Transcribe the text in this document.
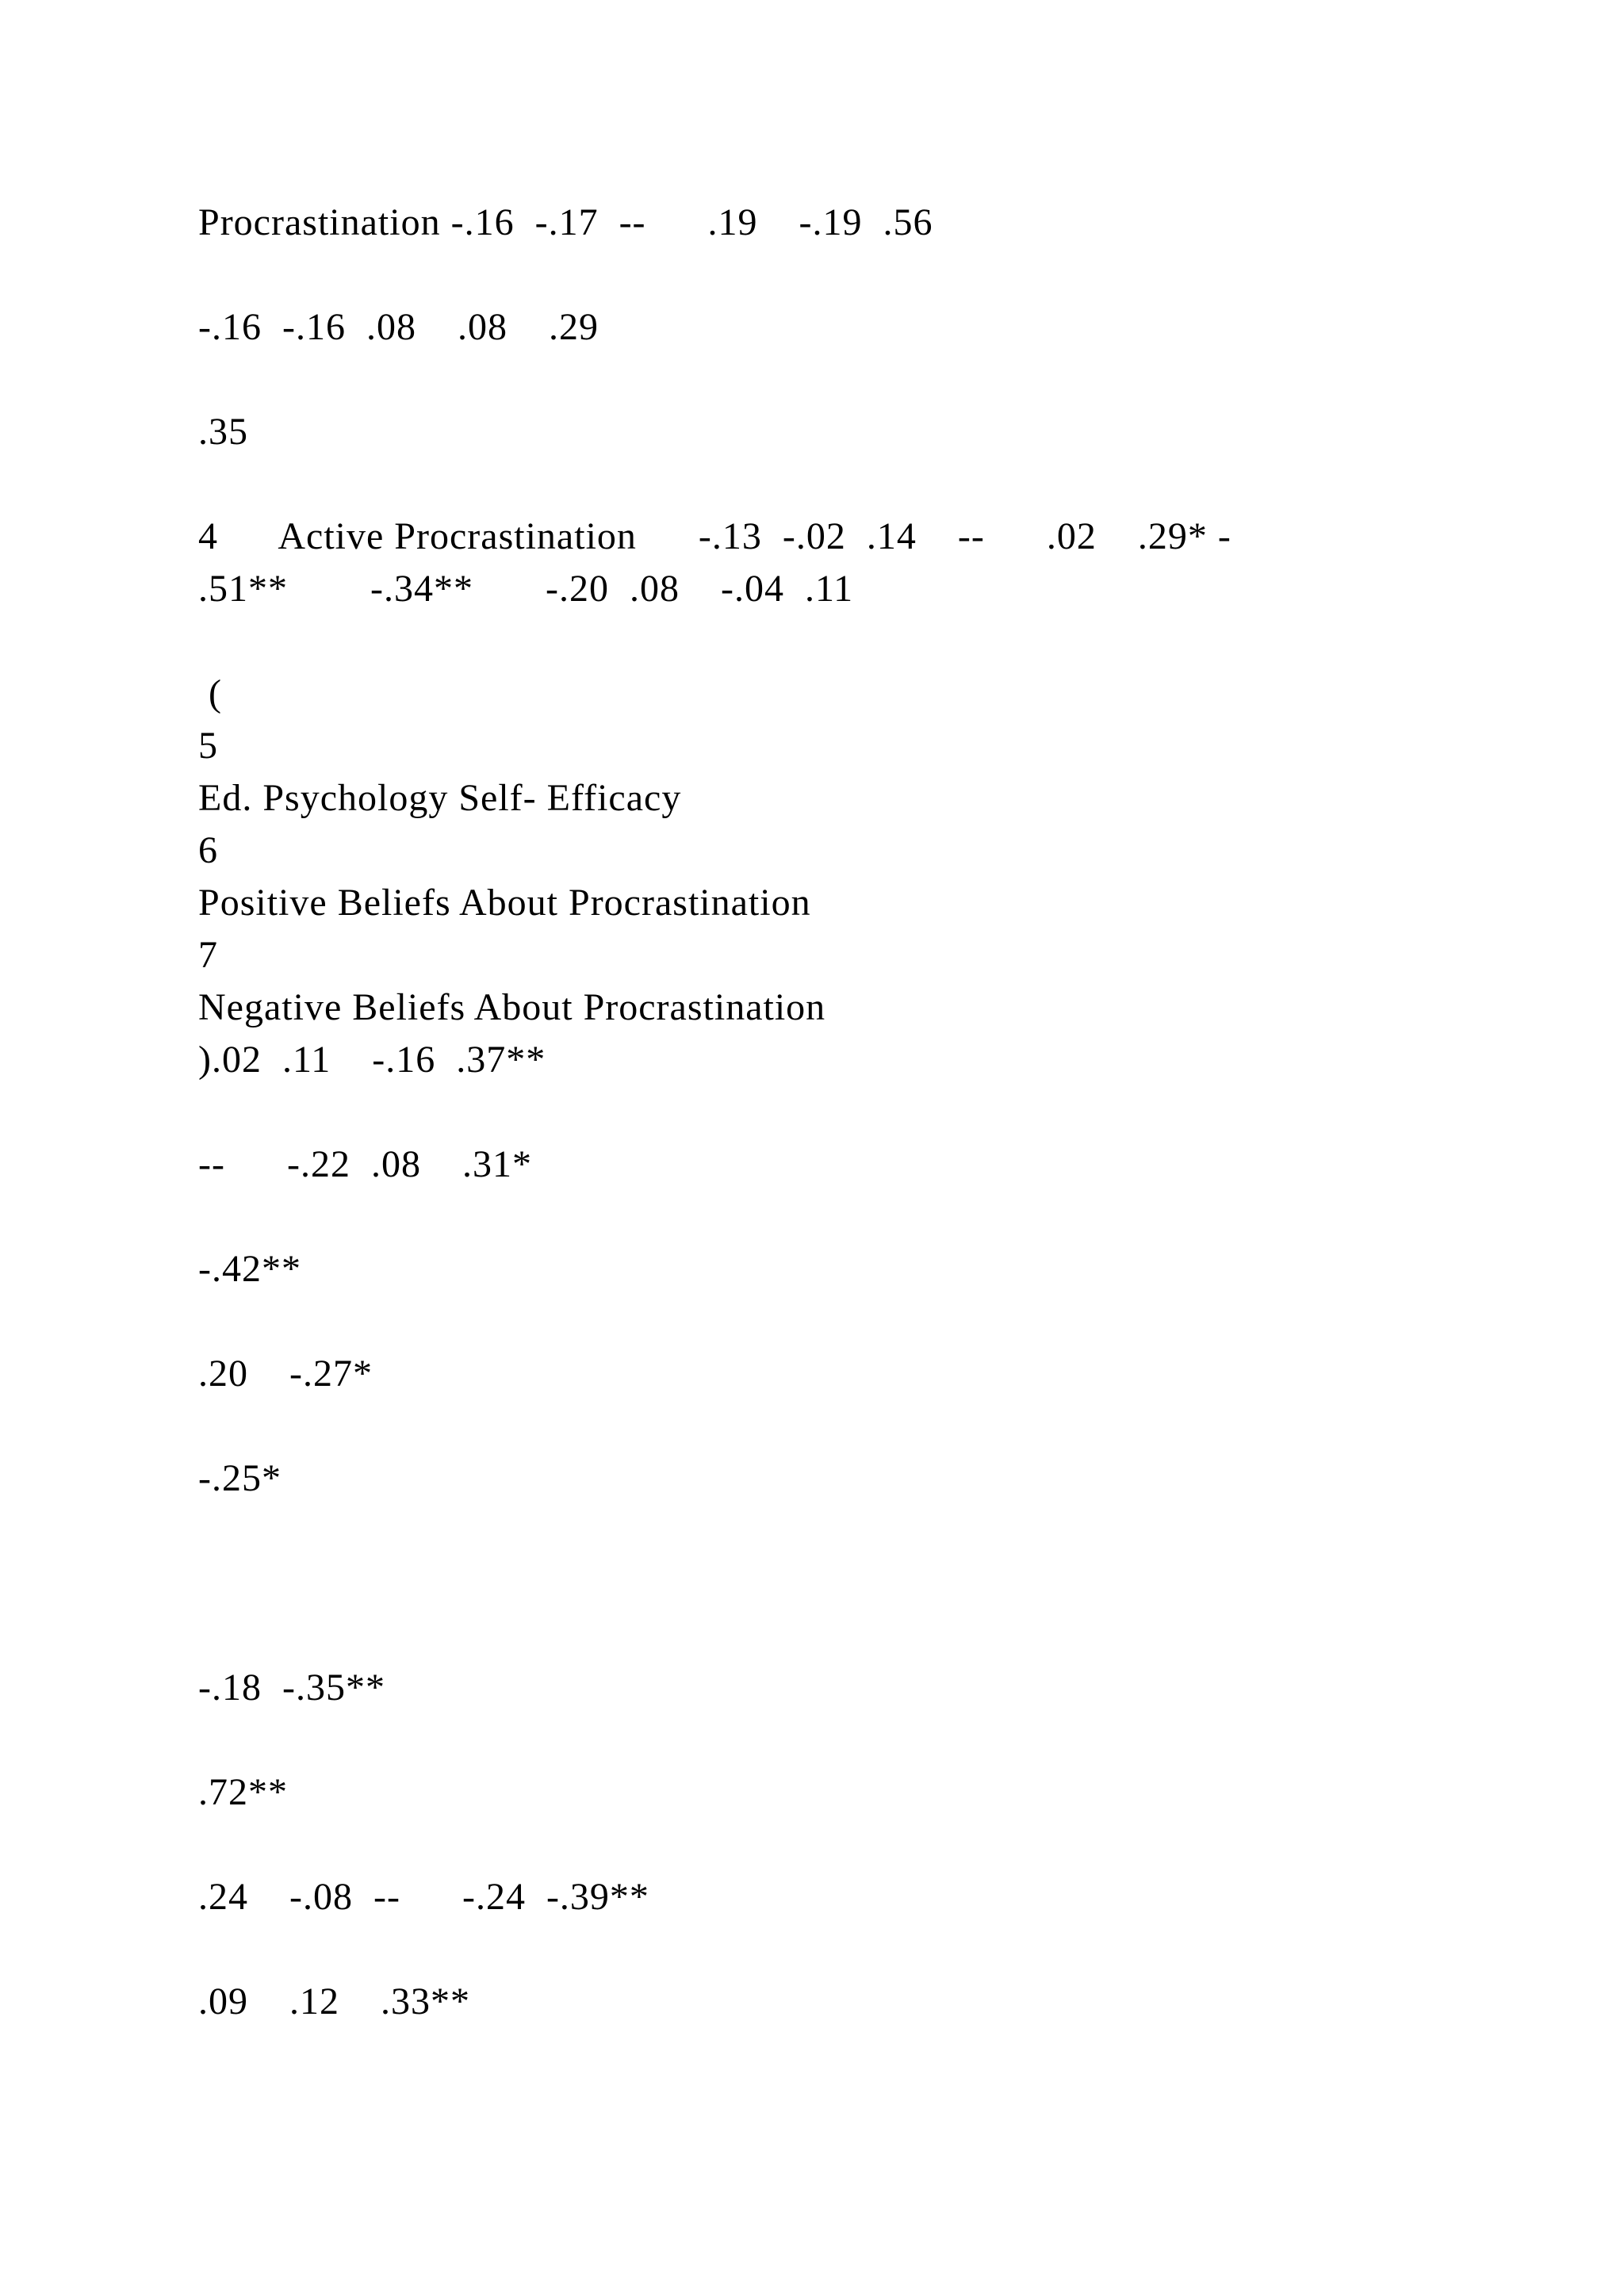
Procrastination -.16  -.17  --      .19    -.19  .56
-.16  -.16  .08    .08    .29
.35
4      Active Procrastination      -.13  -.02  .14    --      .02    .29* -
.51**        -.34**       -.20  .08    -.04  .11
(
5
Ed. Psychology Self- Efficacy
6
Positive Beliefs About Procrastination
7
Negative Beliefs About Procrastination
).02  .11    -.16  .37**
--      -.22  .08    .31*
-.42**
.20    -.27*
-.25*
-.18  -.35**
.72**
.24    -.08  --      -.24  -.39**
.09    .12    .33**
